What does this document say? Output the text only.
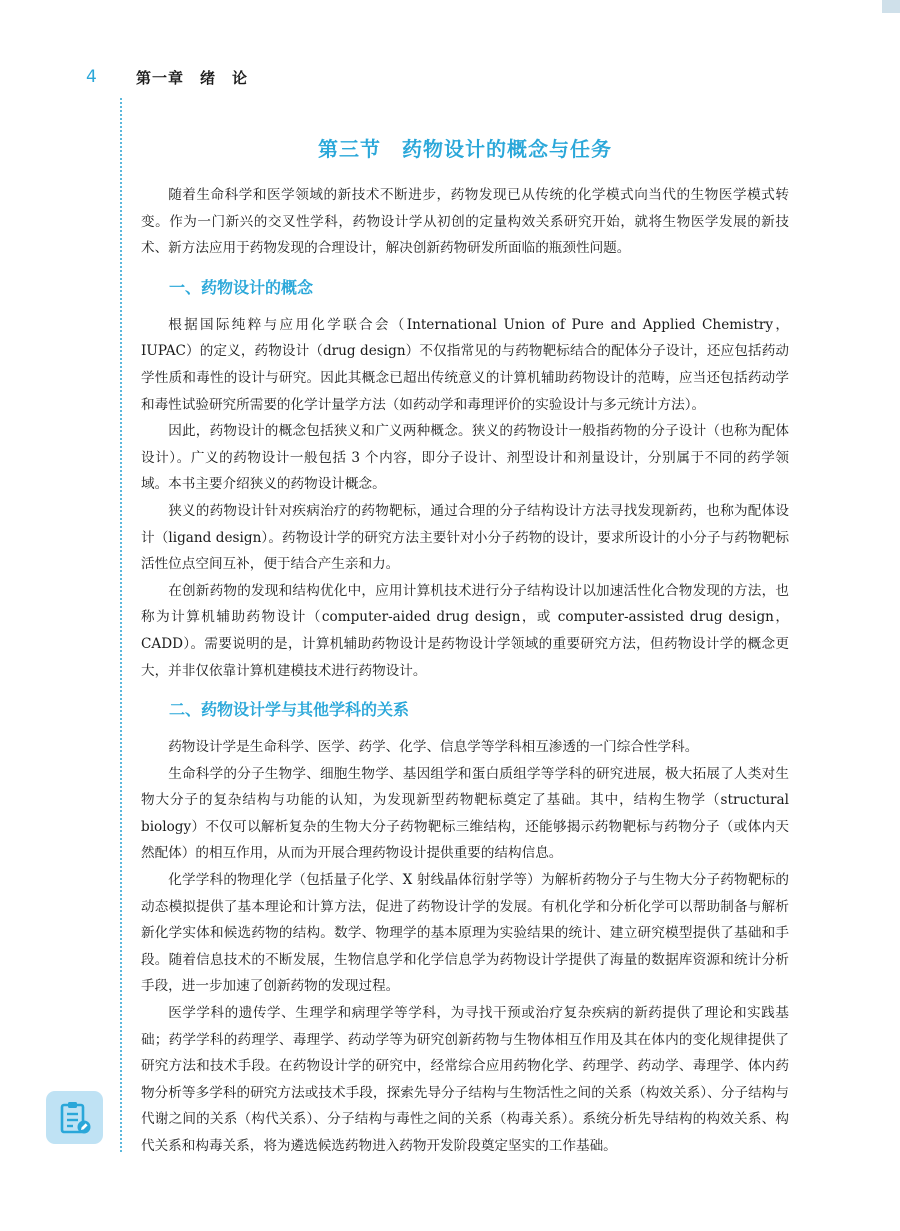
4	第一章　绪　论
第三节　药物设计的概念与任务

随着生命科学和医学领域的新技术不断进步，药物发现已从传统的化学模式向当代的生物医学模式转变。作为一门新兴的交叉性学科，药物设计学从初创的定量构效关系研究开始，就将生物医学发展的新技术、新方法应用于药物发现的合理设计，解决创新药物研发所面临的瓶颈性问题。

一、药物设计的概念

根据国际纯粹与应用化学联合会（International Union of Pure and Applied Chemistry，IUPAC）的定义，药物设计（drug design）不仅指常见的与药物靶标结合的配体分子设计，还应包括药动学性质和毒性的设计与研究。因此其概念已超出传统意义的计算机辅助药物设计的范畴，应当还包括药动学和毒性试验研究所需要的化学计量学方法（如药动学和毒理评价的实验设计与多元统计方法）。

因此，药物设计的概念包括狭义和广义两种概念。狭义的药物设计一般指药物的分子设计（也称为配体设计）。广义的药物设计一般包括 3 个内容，即分子设计、剂型设计和剂量设计，分别属于不同的药学领域。本书主要介绍狭义的药物设计概念。

狭义的药物设计针对疾病治疗的药物靶标，通过合理的分子结构设计方法寻找发现新药，也称为配体设计（ligand design）。药物设计学的研究方法主要针对小分子药物的设计，要求所设计的小分子与药物靶标活性位点空间互补，便于结合产生亲和力。

在创新药物的发现和结构优化中，应用计算机技术进行分子结构设计以加速活性化合物发现的方法，也称为计算机辅助药物设计（computer-aided drug design，或 computer-assisted drug design，CADD）。需要说明的是，计算机辅助药物设计是药物设计学领域的重要研究方法，但药物设计学的概念更大，并非仅依靠计算机建模技术进行药物设计。

二、药物设计学与其他学科的关系

药物设计学是生命科学、医学、药学、化学、信息学等学科相互渗透的一门综合性学科。

生命科学的分子生物学、细胞生物学、基因组学和蛋白质组学等学科的研究进展，极大拓展了人类对生物大分子的复杂结构与功能的认知，为发现新型药物靶标奠定了基础。其中，结构生物学（structural biology）不仅可以解析复杂的生物大分子药物靶标三维结构，还能够揭示药物靶标与药物分子（或体内天然配体）的相互作用，从而为开展合理药物设计提供重要的结构信息。

化学学科的物理化学（包括量子化学、X 射线晶体衍射学等）为解析药物分子与生物大分子药物靶标的动态模拟提供了基本理论和计算方法，促进了药物设计学的发展。有机化学和分析化学可以帮助制备与解析新化学实体和候选药物的结构。数学、物理学的基本原理为实验结果的统计、建立研究模型提供了基础和手段。随着信息技术的不断发展，生物信息学和化学信息学为药物设计学提供了海量的数据库资源和统计分析手段，进一步加速了创新药物的发现过程。

医学学科的遗传学、生理学和病理学等学科，为寻找干预或治疗复杂疾病的新药提供了理论和实践基础；药学学科的药理学、毒理学、药动学等为研究创新药物与生物体相互作用及其在体内的变化规律提供了研究方法和技术手段。在药物设计学的研究中，经常综合应用药物化学、药理学、药动学、毒理学、体内药物分析等多学科的研究方法或技术手段，探索先导分子结构与生物活性之间的关系（构效关系）、分子结构与代谢之间的关系（构代关系）、分子结构与毒性之间的关系（构毒关系）。系统分析先导结构的构效关系、构代关系和构毒关系，将为遴选候选药物进入药物开发阶段奠定坚实的工作基础。
